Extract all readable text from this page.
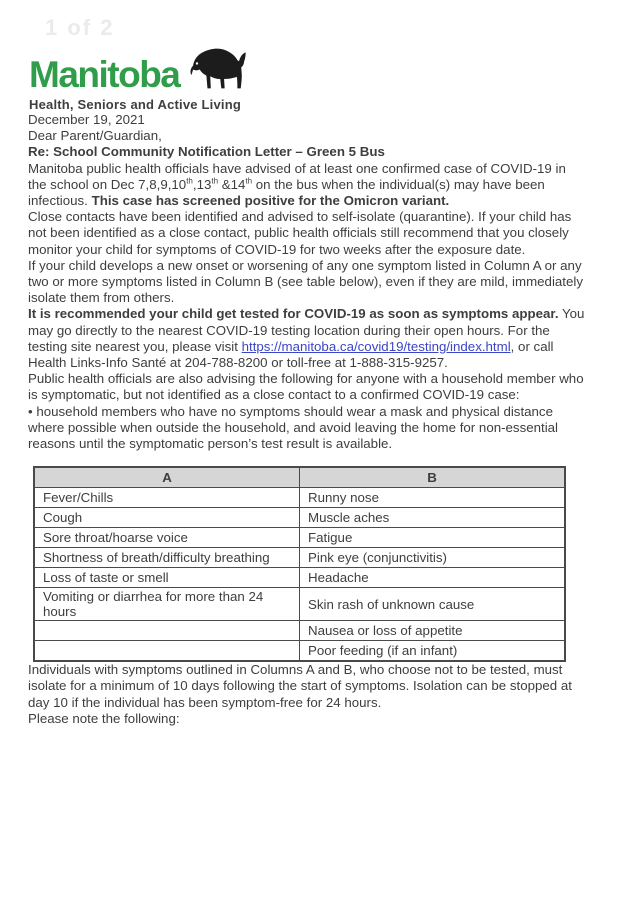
1 of 2
Manitoba
Health, Seniors and Active Living

December 19, 2021

Dear Parent/Guardian,

Re: School Community Notification Letter – Green 5 Bus

Manitoba public health officials have advised of at least one confirmed case of COVID-19 in the school on Dec 7,8,9,10th,13th &14th on the bus when the individual(s) may have been infectious. This case has screened positive for the Omicron variant.

Close contacts have been identified and advised to self-isolate (quarantine). If your child has not been identified as a close contact, public health officials still recommend that you closely monitor your child for symptoms of COVID-19 for two weeks after the exposure date.

If your child develops a new onset or worsening of any one symptom listed in Column A or any two or more symptoms listed in Column B (see table below), even if they are mild, immediately isolate them from others.

It is recommended your child get tested for COVID-19 as soon as symptoms appear. You may go directly to the nearest COVID-19 testing location during their open hours. For the testing site nearest you, please visit https://manitoba.ca/covid19/testing/index.html, or call Health Links-Info Santé at 204-788-8200 or toll-free at 1-888-315-9257.

Public health officials are also advising the following for anyone with a household member who is symptomatic, but not identified as a close contact to a confirmed COVID-19 case:
• household members who have no symptoms should wear a mask and physical distance where possible when outside the household, and avoid leaving the home for non-essential reasons until the symptomatic person’s test result is available.
A	B
Fever/Chills	Runny nose
Cough	Muscle aches
Sore throat/hoarse voice	Fatigue
Shortness of breath/difficulty breathing	Pink eye (conjunctivitis)
Loss of taste or smell	Headache
Vomiting or diarrhea for more than 24 hours	Skin rash of unknown cause
	Nausea or loss of appetite
	Poor feeding (if an infant)
Individuals with symptoms outlined in Columns A and B, who choose not to be tested, must isolate for a minimum of 10 days following the start of symptoms. Isolation can be stopped at day 10 if the individual has been symptom-free for 24 hours.
Please note the following:
